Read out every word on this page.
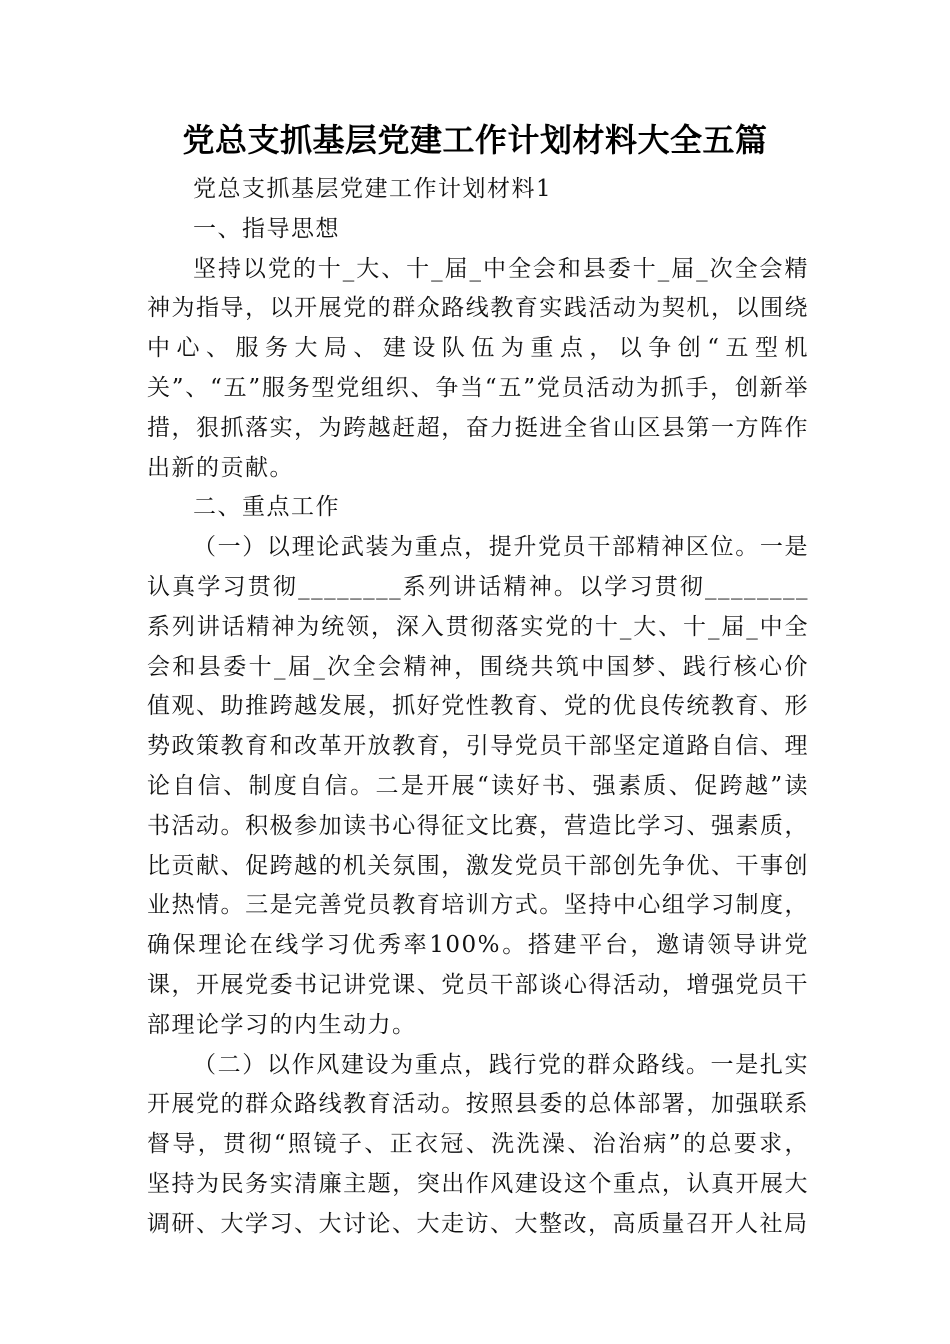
党总支抓基层党建工作计划材料大全五篇

党总支抓基层党建工作计划材料1

一、指导思想

坚持以党的十_大、十_届_中全会和县委十_届_次全会精神为指导，以开展党的群众路线教育实践活动为契机，以围绕中心、服务大局、建设队伍为重点，以争创“五型机关”、“五”服务型党组织、争当“五”党员活动为抓手，创新举措，狠抓落实，为跨越赶超，奋力挺进全省山区县第一方阵作出新的贡献。

二、重点工作

（一）以理论武装为重点，提升党员干部精神区位。一是认真学习贯彻________系列讲话精神。以学习贯彻________系列讲话精神为统领，深入贯彻落实党的十_大、十_届_中全会和县委十_届_次全会精神，围绕共筑中国梦、践行核心价值观、助推跨越发展，抓好党性教育、党的优良传统教育、形势政策教育和改革开放教育，引导党员干部坚定道路自信、理论自信、制度自信。二是开展“读好书、强素质、促跨越”读书活动。积极参加读书心得征文比赛，营造比学习、强素质，比贡献、促跨越的机关氛围，激发党员干部创先争优、干事创业热情。三是完善党员教育培训方式。坚持中心组学习制度，确保理论在线学习优秀率100%。搭建平台，邀请领导讲党课，开展党委书记讲党课、党员干部谈心得活动，增强党员干部理论学习的内生动力。

（二）以作风建设为重点，践行党的群众路线。一是扎实开展党的群众路线教育活动。按照县委的总体部署，加强联系督导，贯彻“照镜子、正衣冠、洗洗澡、治治病”的总要求，坚持为民务实清廉主题，突出作风建设这个重点，认真开展大调研、大学习、大讨论、大走访、大整改，高质量召开人社局
